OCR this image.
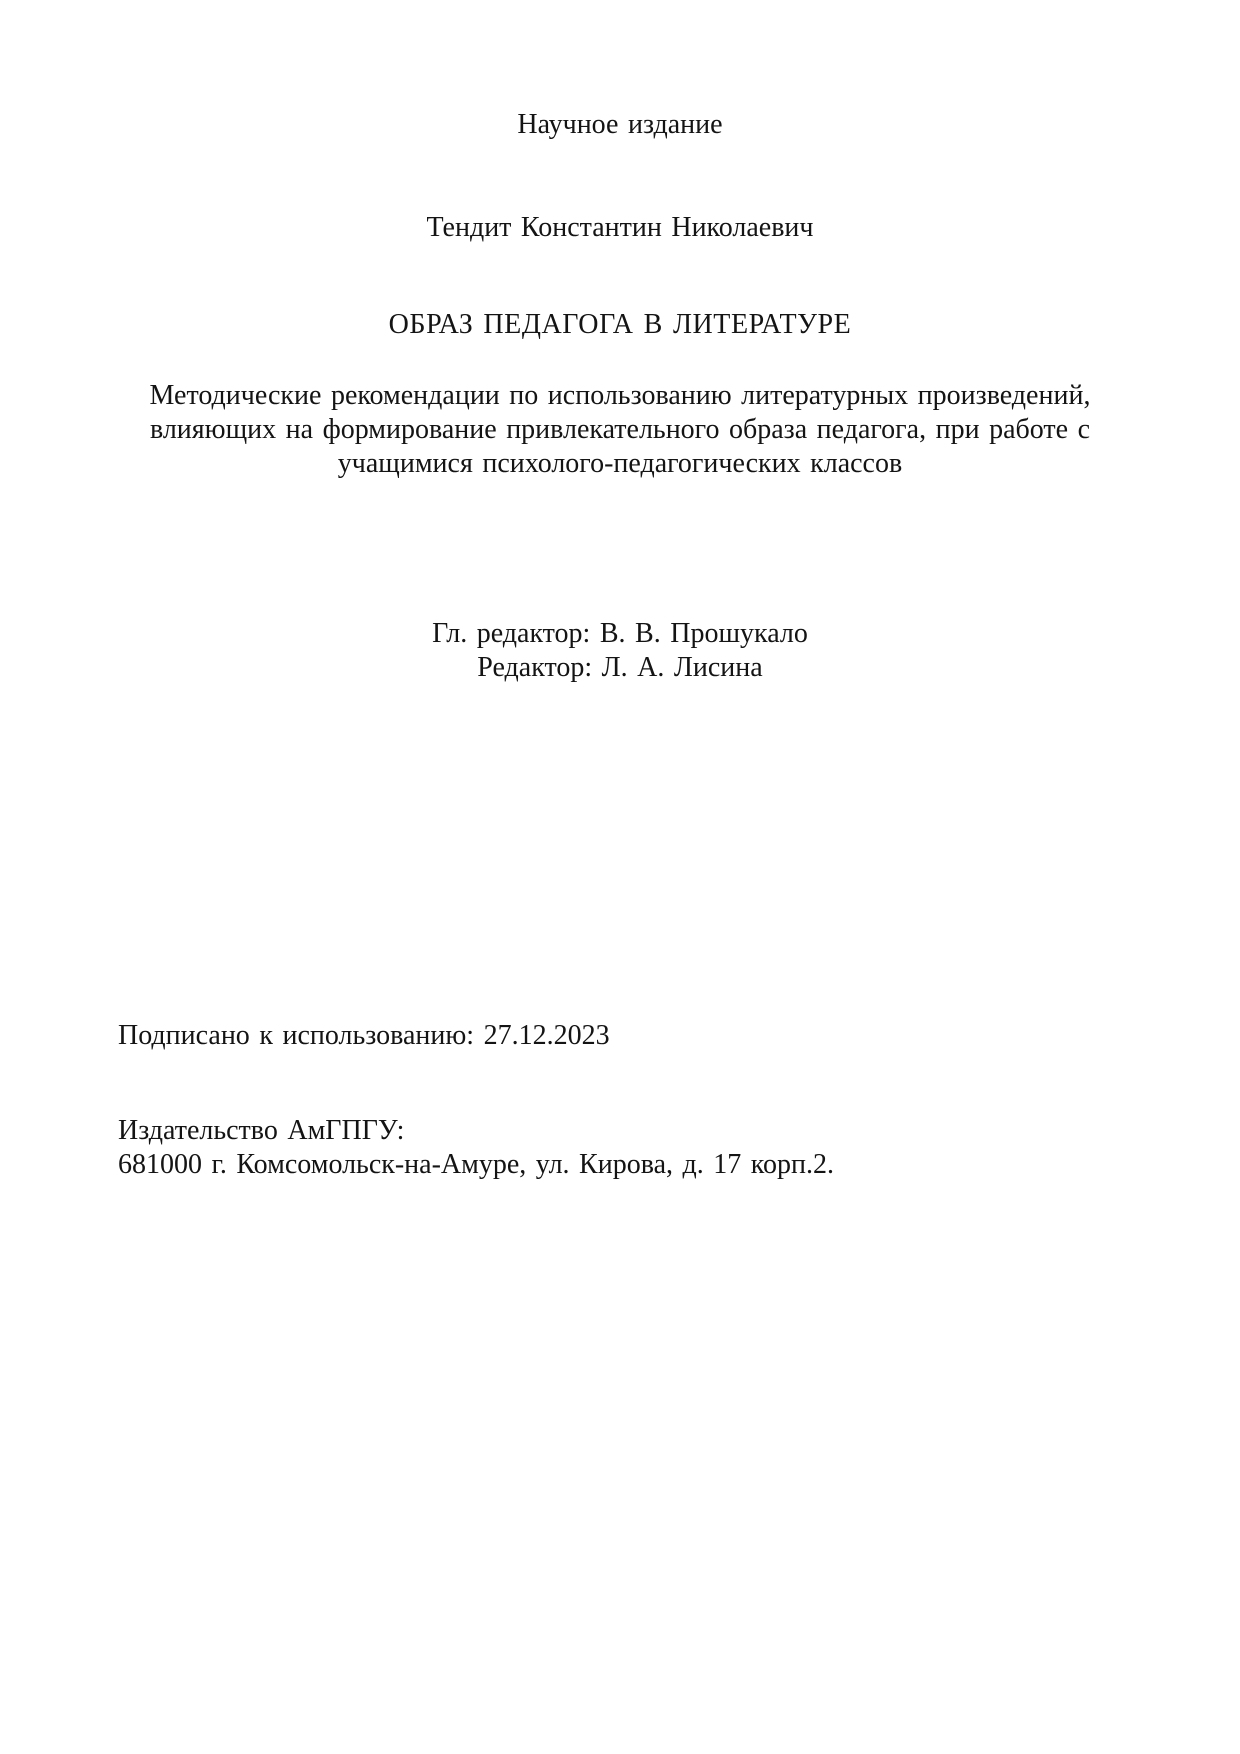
Научное издание
Тендит Константин Николаевич
ОБРАЗ ПЕДАГОГА В ЛИТЕРАТУРЕ
Методические рекомендации по использованию литературных произведений,
влияющих на формирование привлекательного образа педагога, при работе с
учащимися психолого-педагогических классов
Гл. редактор: В. В. Прошукало
Редактор: Л. А. Лисина
Подписано к использованию: 27.12.2023
Издательство АмГПГУ:
681000 г. Комсомольск-на-Амуре, ул. Кирова, д. 17 корп.2.
